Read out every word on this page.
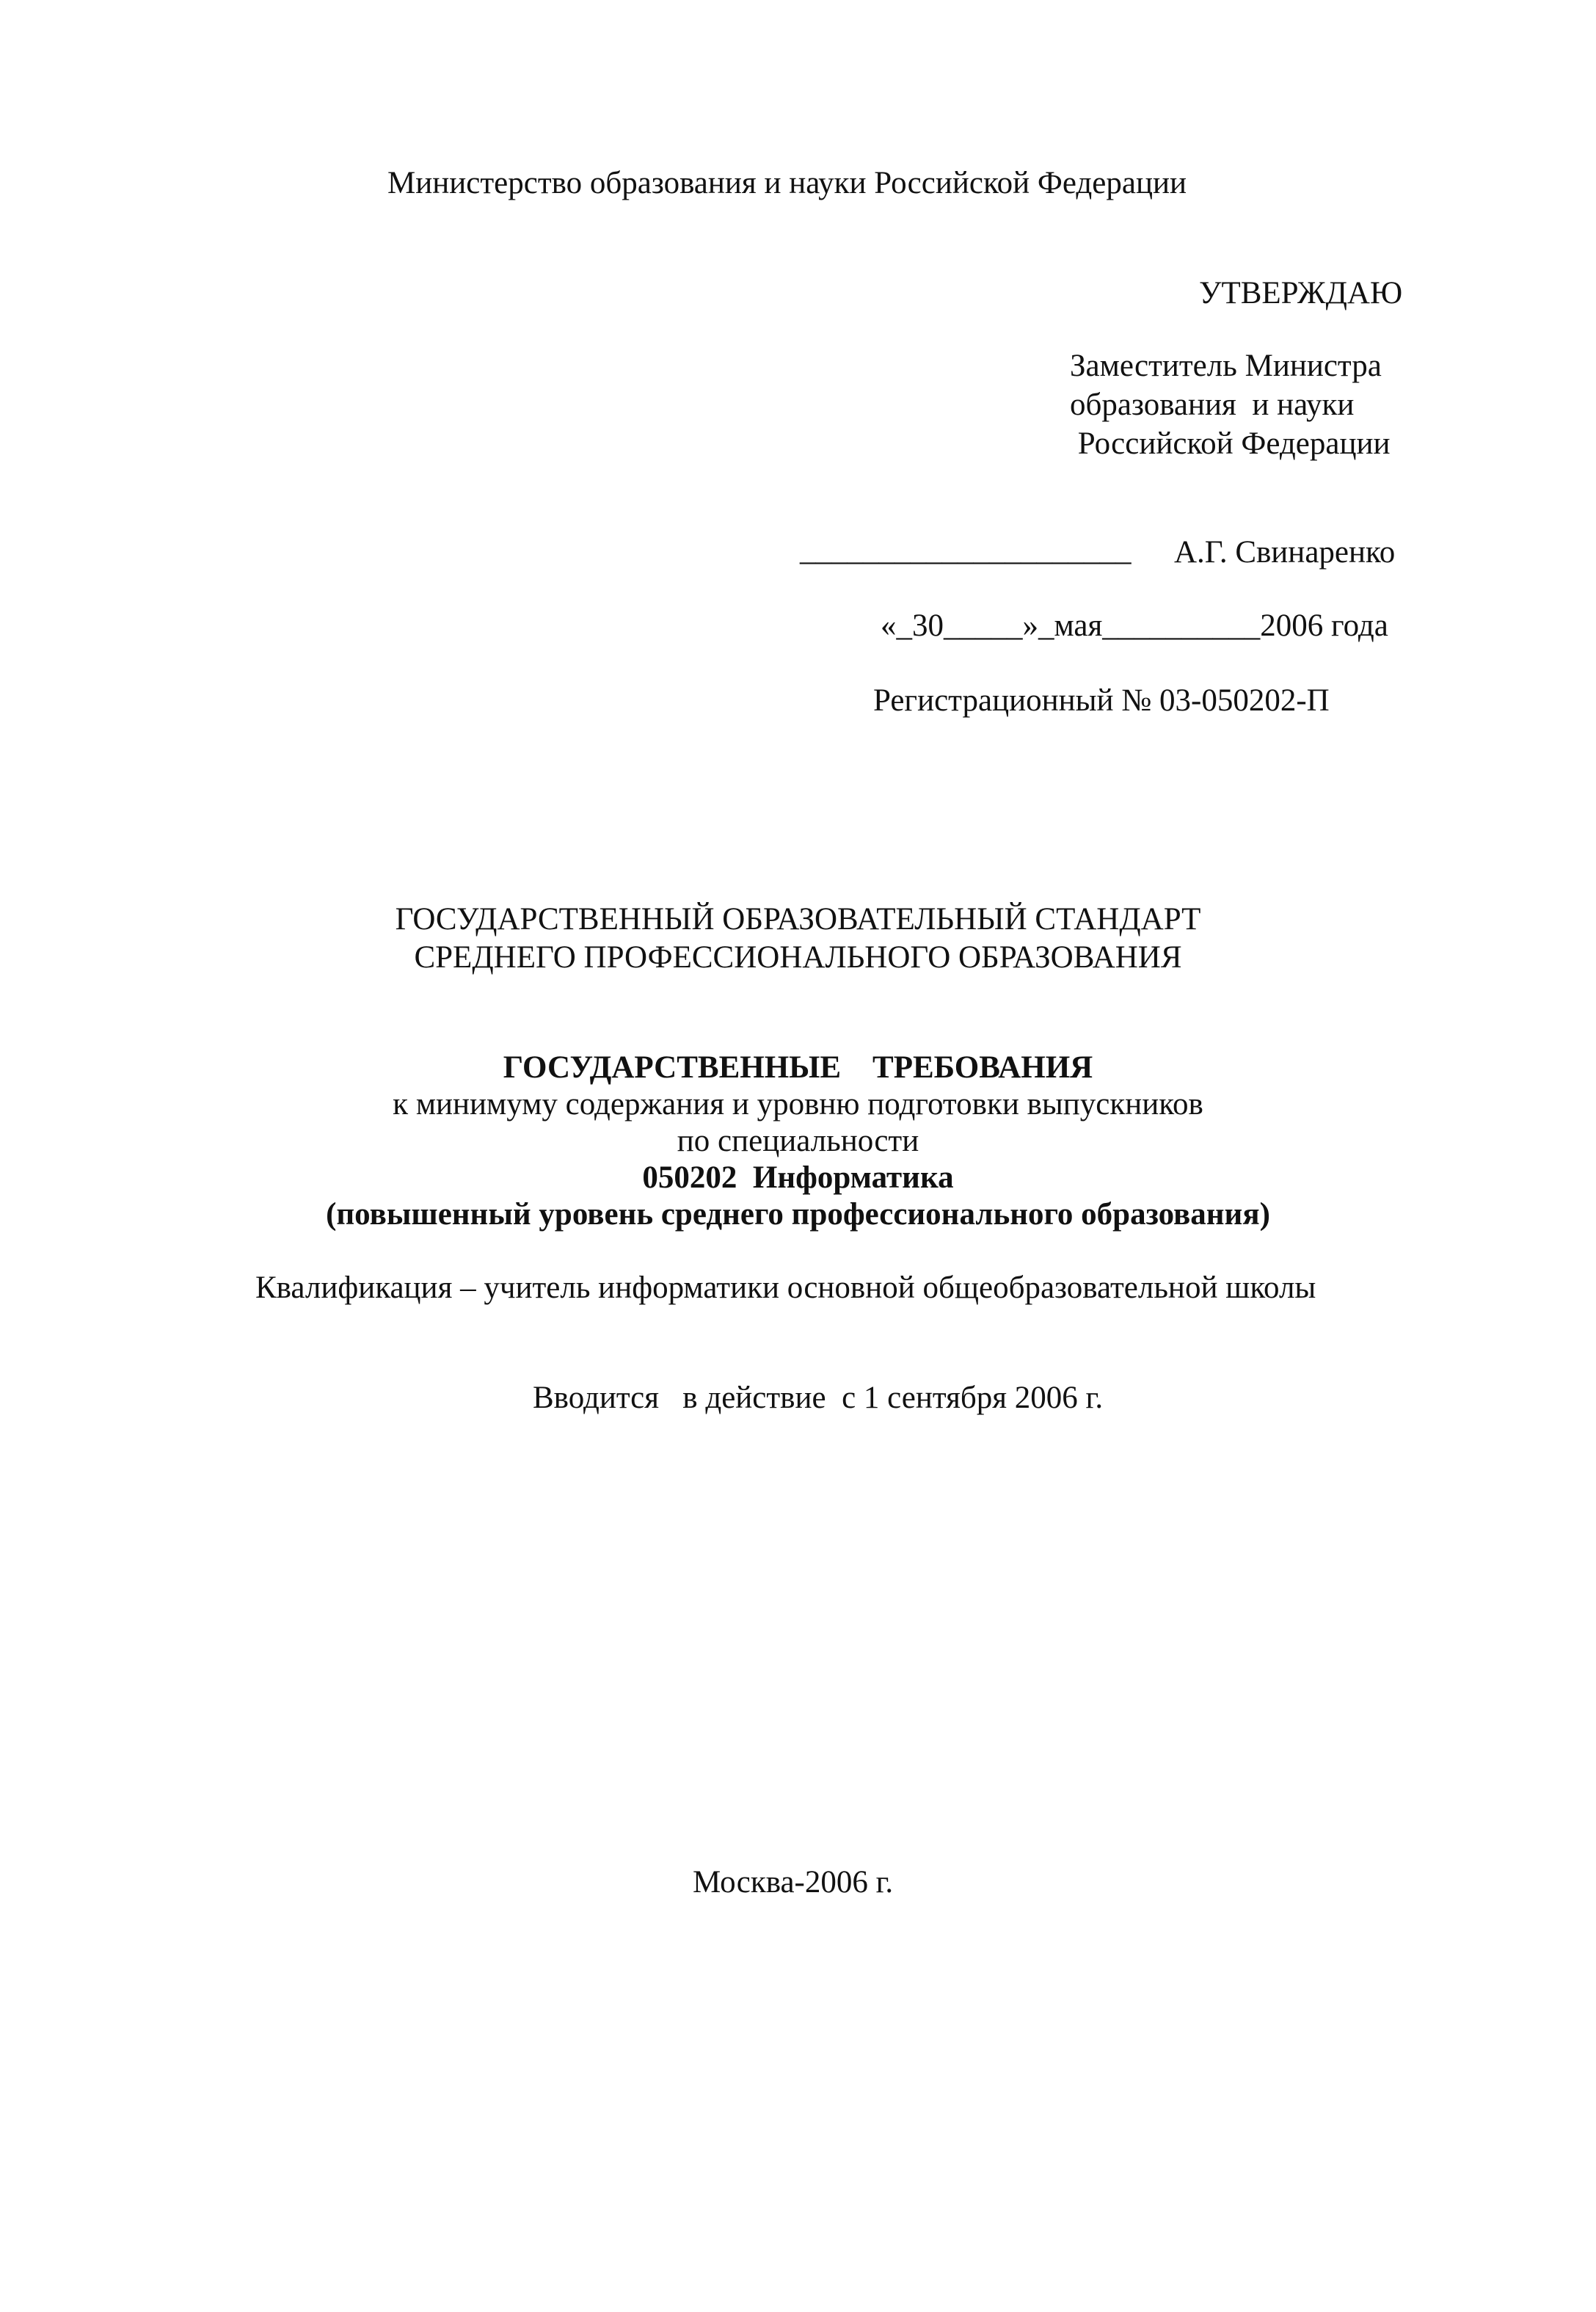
Министерство образования и науки Российской Федерации
УТВЕРЖДАЮ
Заместитель Министра
образования  и науки
Российской Федерации
_____________________ А.Г. Свинаренко
«_30_____»_мая__________2006 года
Регистрационный № 03-050202-П
ГОСУДАРСТВЕННЫЙ ОБРАЗОВАТЕЛЬНЫЙ СТАНДАРТ
СРЕДНЕГО ПРОФЕССИОНАЛЬНОГО ОБРАЗОВАНИЯ
ГОСУДАРСТВЕННЫЕ    ТРЕБОВАНИЯ
к минимуму содержания и уровню подготовки выпускников
по специальности
050202  Информатика
(повышенный уровень среднего профессионального образования)
Квалификация – учитель информатики основной общеобразовательной школы
Вводится   в действие  с 1 сентября 2006 г.
Москва-2006 г.
